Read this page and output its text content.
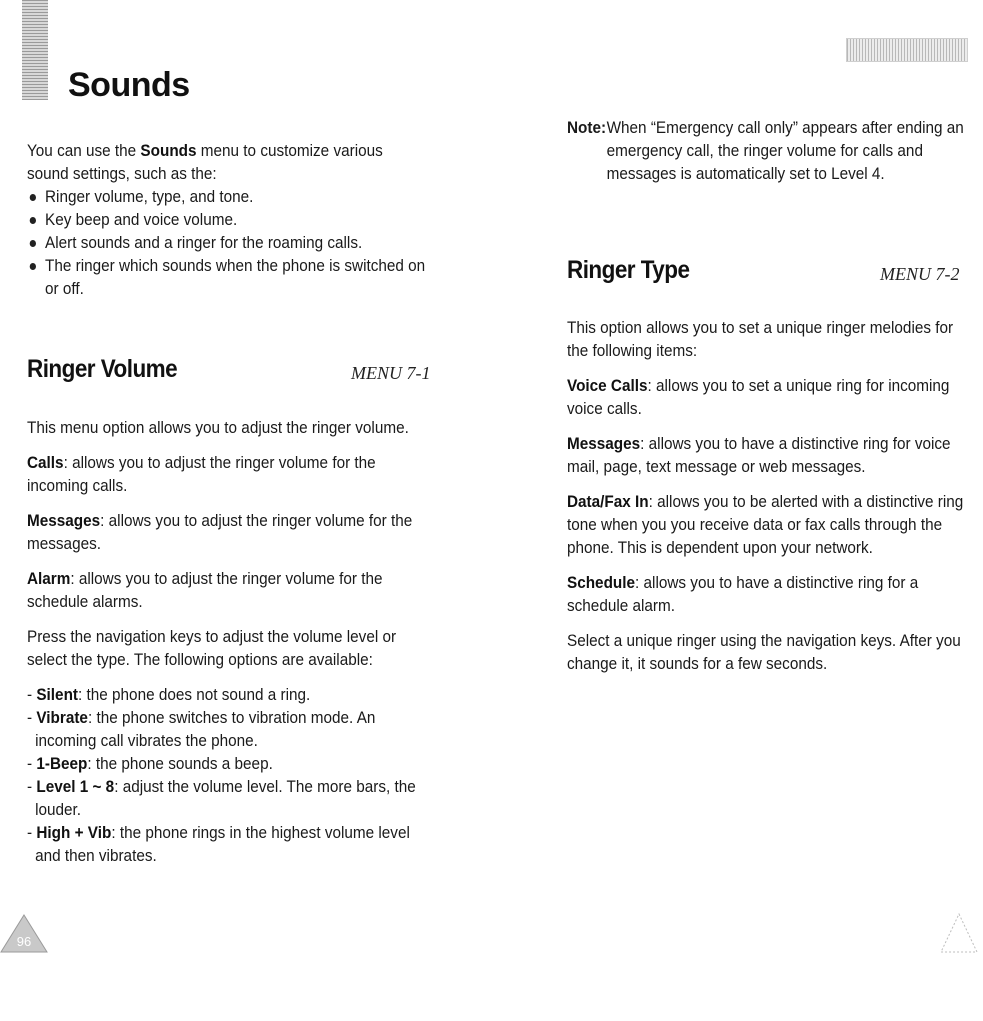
Sounds

You can use the Sounds menu to customize various sound settings, such as the:

Ringer volume, type, and tone.
Key beep and voice volume.
Alert sounds and a ringer for the roaming calls.
The ringer which sounds when the phone is switched on or off.
Ringer Volume	MENU 7-1

This menu option allows you to adjust the ringer volume.

Calls: allows you to adjust the ringer volume for the incoming calls.

Messages: allows you to adjust the ringer volume for the messages.

Alarm: allows you to adjust the ringer volume for the schedule alarms.

Press the navigation keys to adjust the volume level or select the type. The following options are available:

- Silent: the phone does not sound a ring.
- Vibrate: the phone switches to vibration mode. An incoming call vibrates the phone.
- 1-Beep: the phone sounds a beep.
- Level 1 ~ 8: adjust the volume level. The more bars, the louder.
- High + Vib: the phone rings in the highest volume level and then vibrates.
96
Note: When “Emergency call only” appears after ending an emergency call, the ringer volume for calls and messages is automatically set to Level 4.
Ringer Type	MENU 7-2

This option allows you to set a unique ringer melodies for the following items:

Voice Calls: allows you to set a unique ring for incoming voice calls.

Messages: allows you to have a distinctive ring for voice mail, page, text message or web messages.

Data/Fax In: allows you to be alerted with a distinctive ring tone when you you receive data or fax calls through the phone. This is dependent upon your network.

Schedule: allows you to have a distinctive ring for a schedule alarm.

Select a unique ringer using the navigation keys. After you change it, it sounds for a few seconds.
